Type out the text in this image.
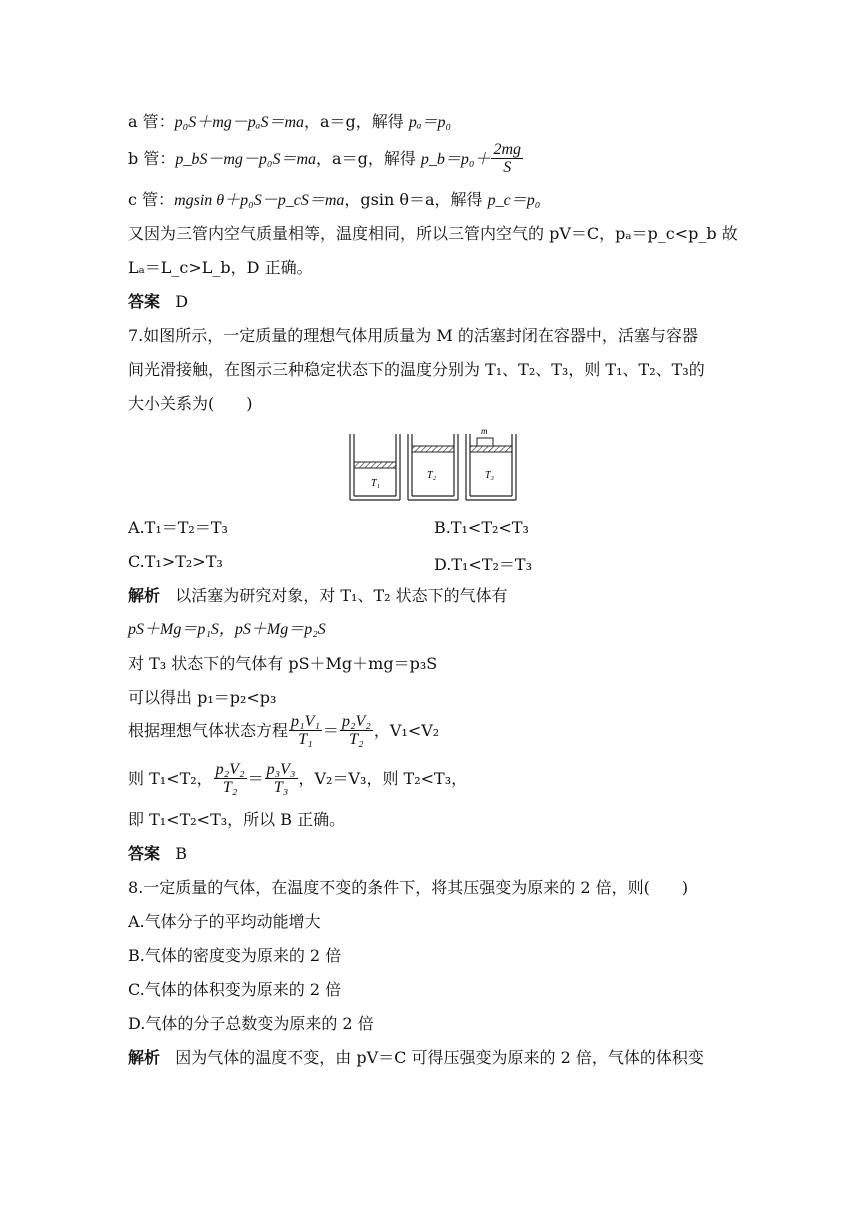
a 管：p₀S＋mg－pₐS＝ma，a＝g，解得 pₐ＝p₀
b 管：p_bS－mg－p₀S＝ma，a＝g，解得 p_b＝p₀＋ $\frac{2mg}{S}$
c 管：mgsin θ＋p₀S－p_cS＝ma，gsin θ＝a，解得 p_c＝p₀
又因为三管内空气质量相等，温度相同，所以三管内空气的 pV＝C，pₐ＝p_c<p_b 故
Lₐ＝L_c>L_b，D 正确。
答案 D
7.如图所示，一定质量的理想气体用质量为 M 的活塞封闭在容器中，活塞与容器
间光滑接触，在图示三种稳定状态下的温度分别为 T₁、T₂、T₃，则 T₁、T₂、T₃的
大小关系为(　　)
T₁
T₂	T₃
m
A.T₁＝T₂＝T₃	B.T₁<T₂<T₃
C.T₁>T₂>T₃	D.T₁<T₂＝T₃
解析 以活塞为研究对象，对 T₁、T₂ 状态下的气体有
pS＋Mg＝p₁S，pS＋Mg＝p₂S
对 T₃ 状态下的气体有 pS＋Mg＋mg＝p₃S
可以得出 p₁＝p₂<p₃
根据理想气体状态方程 $\frac{\text{p₁V₁}}{\text{T₁}} = \frac{\text{p₂V₂}}{\text{T₂}}$ ，V₁<V₂
则 T₁<T₂， $\frac{\text{p₂V₂}}{\text{T₂}} = \frac{\text{p₃V₃}}{\text{T₃}}$ ，V₂＝V₃，则 T₂<T₃，
即 T₁<T₂<T₃，所以 B 正确。
答案 B
8.一定质量的气体，在温度不变的条件下，将其压强变为原来的 2 倍，则(　　)
A.气体分子的平均动能增大
B.气体的密度变为原来的 2 倍
C.气体的体积变为原来的 2 倍
D.气体的分子总数变为原来的 2 倍
解析 因为气体的温度不变，由 pV＝C 可得压强变为原来的 2 倍，气体的体积变
